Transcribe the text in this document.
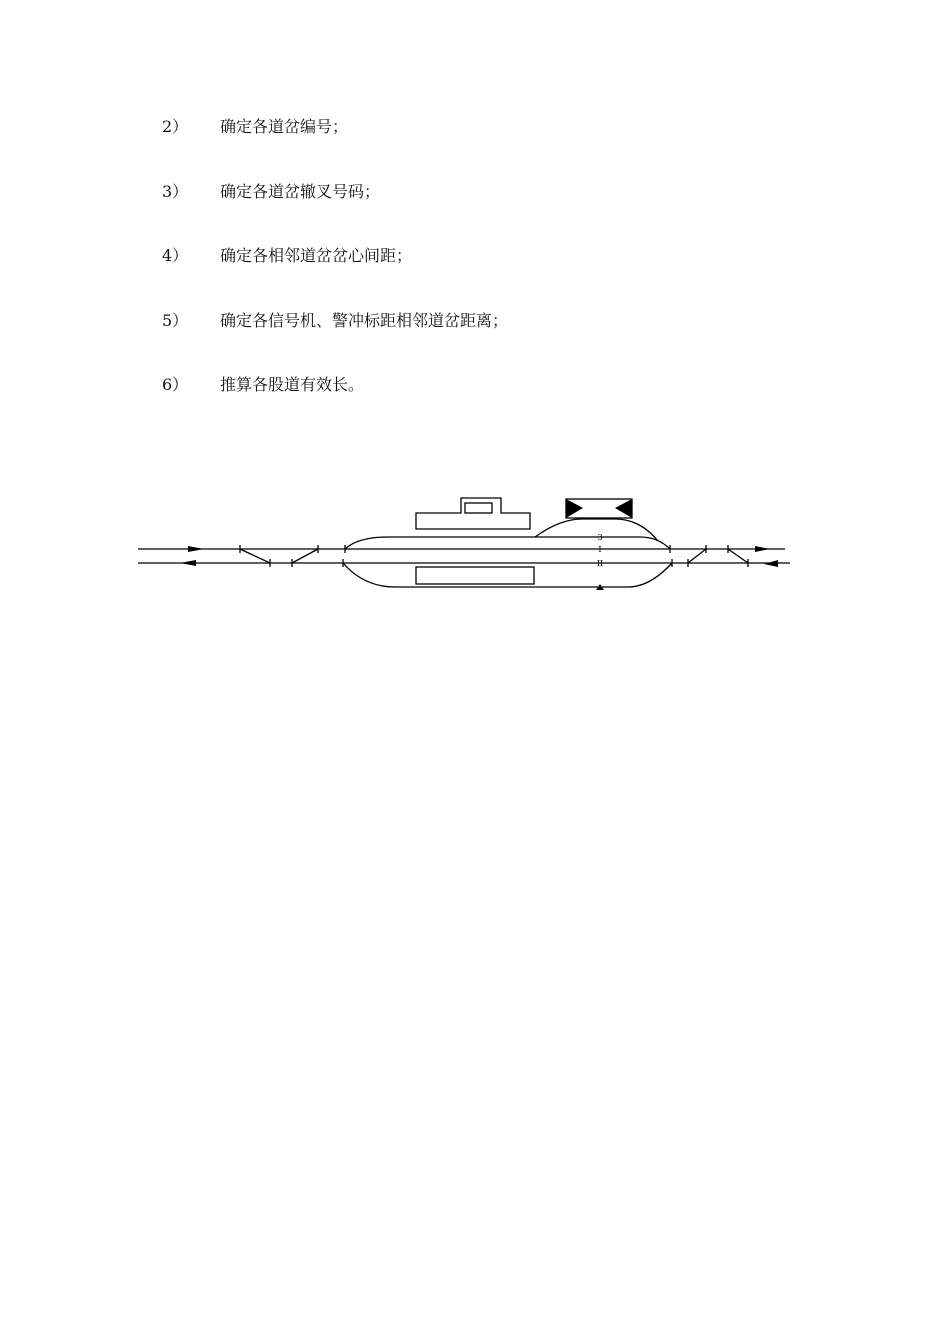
2） 确定各道岔编号；
3） 确定各道岔辙叉号码；
4） 确定各相邻道岔岔心间距；
5） 确定各信号机、警冲标距相邻道岔距离；
6） 推算各股道有效长。
3
I
II
